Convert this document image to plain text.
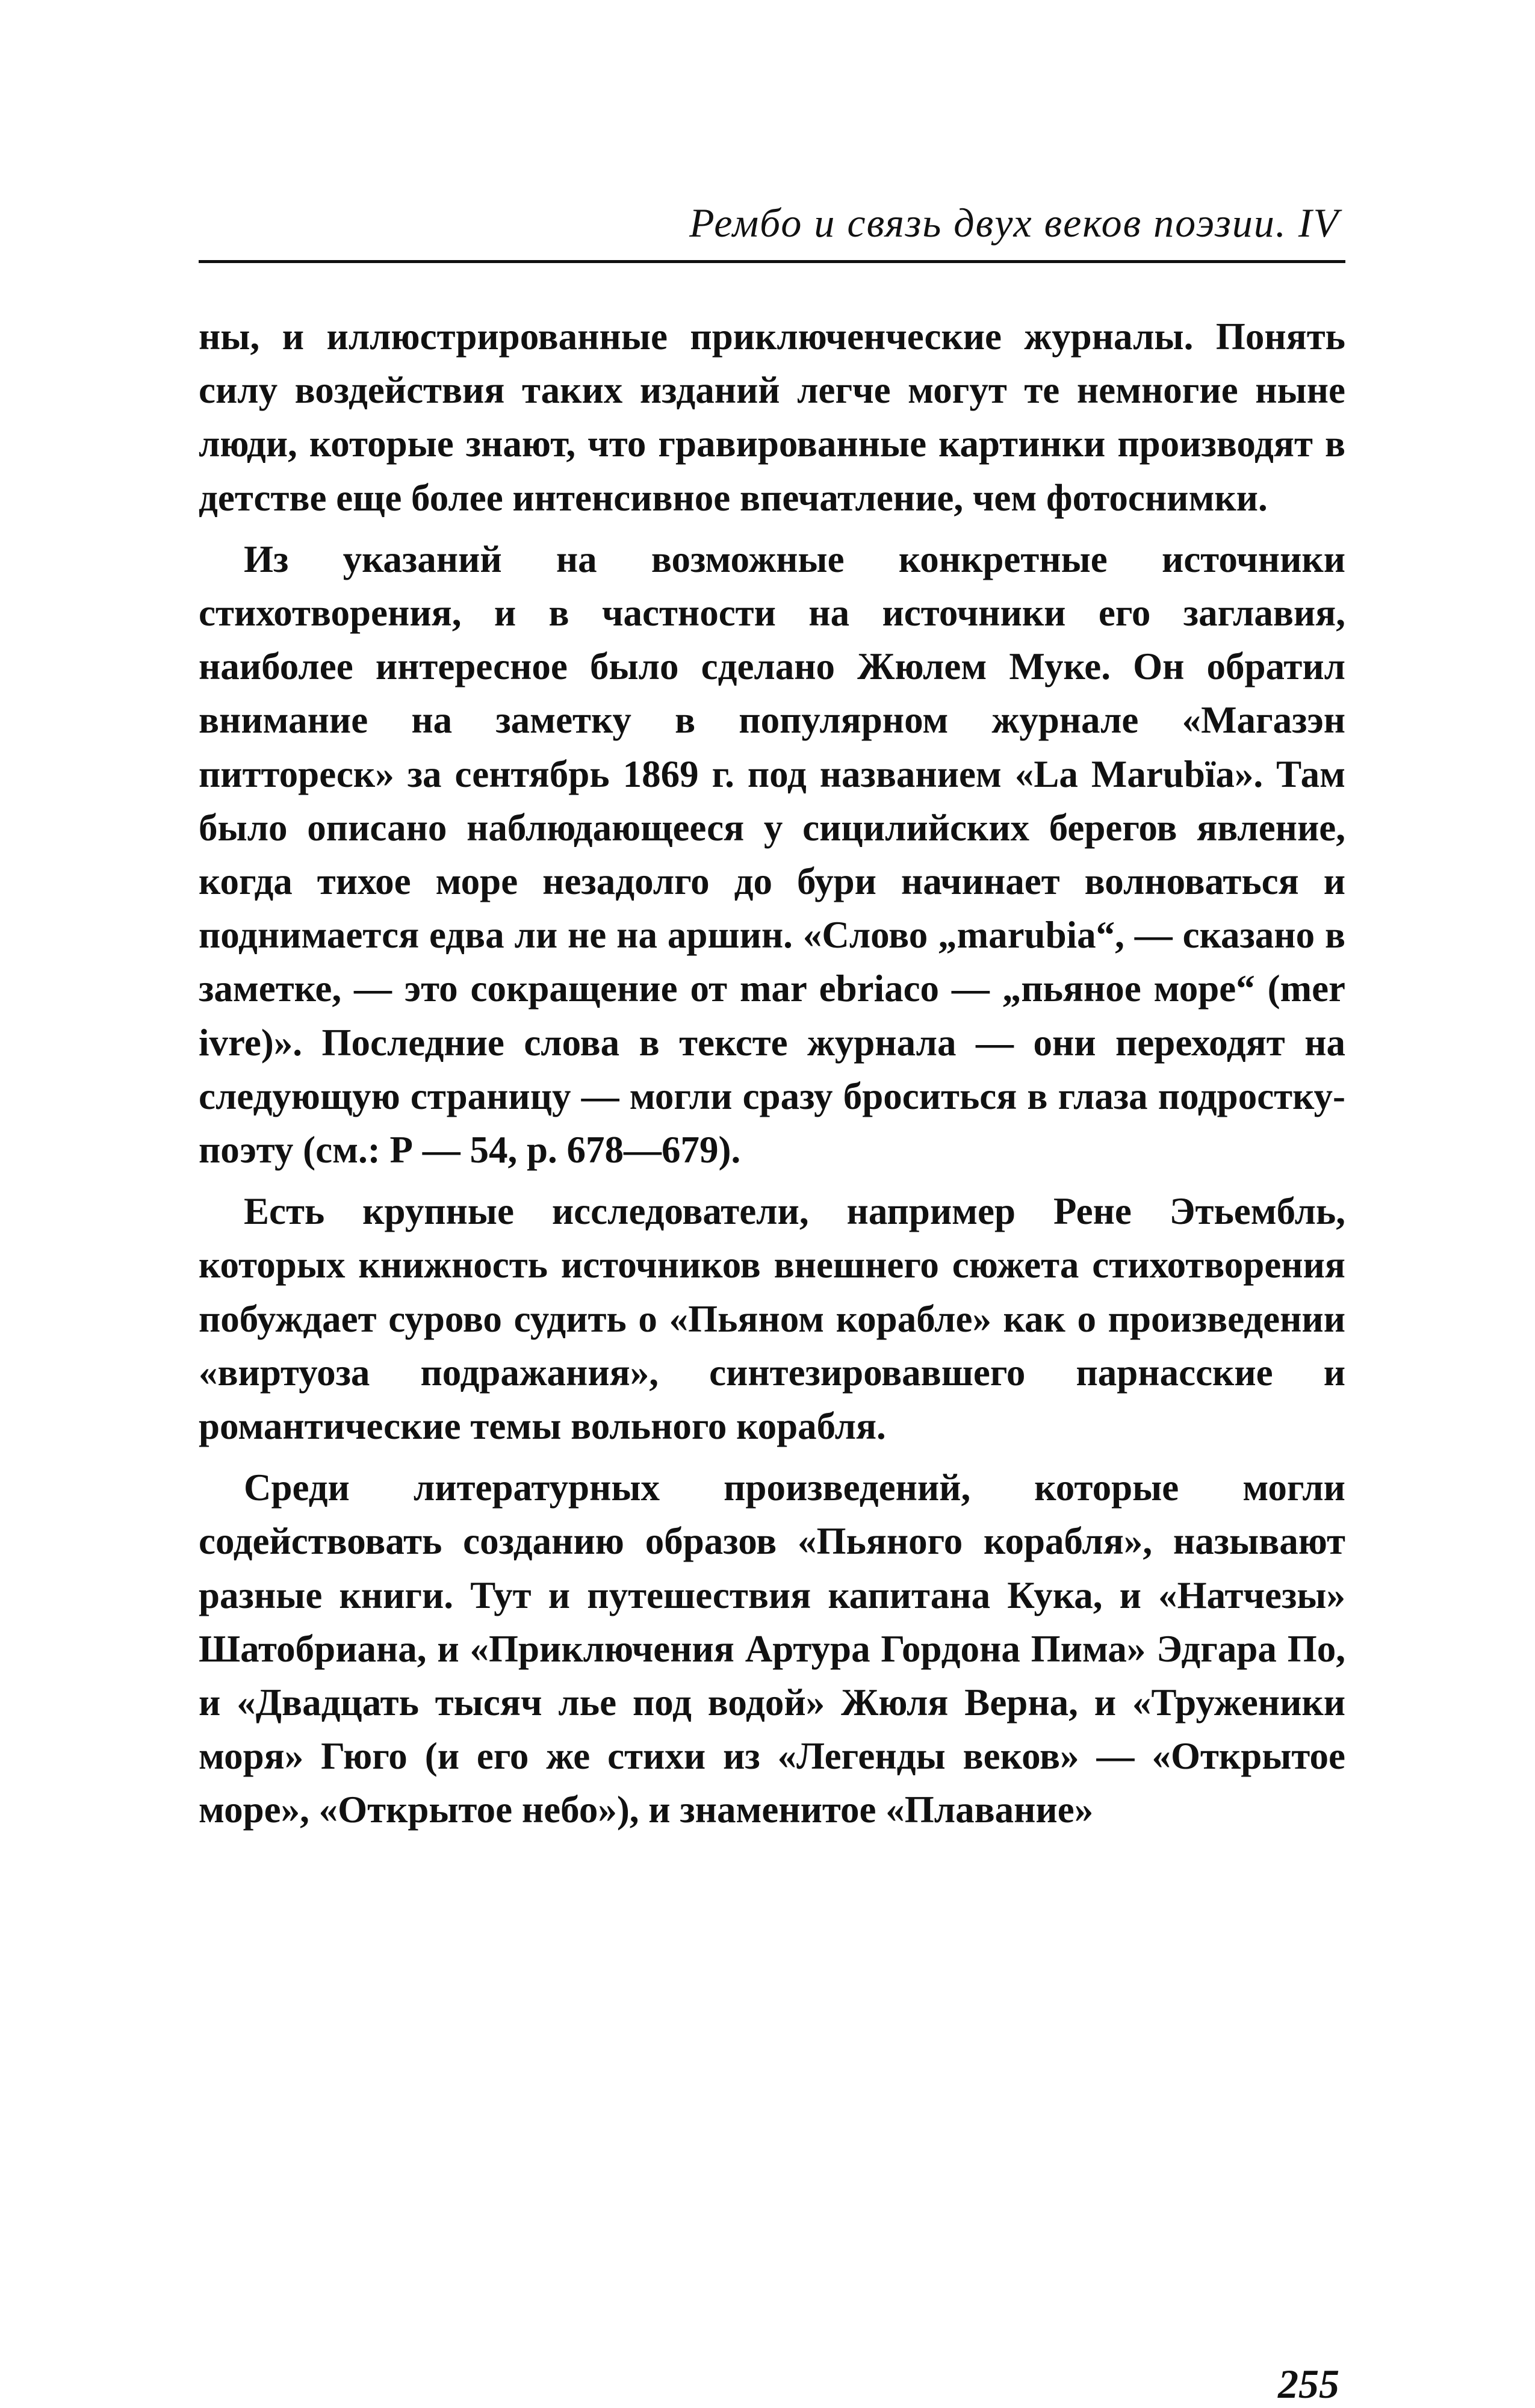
Рембо и связь двух веков поэзии. IV

ны, и иллюстрированные приключенческие журналы. Понять силу воздействия таких изданий легче могут те немногие ныне люди, которые знают, что гравированные картинки производят в детстве еще более интенсивное впечатление, чем фотоснимки.

Из указаний на возможные конкретные источники стихотворения, и в частности на источники его заглавия, наиболее интересное было сделано Жюлем Муке. Он обратил внимание на заметку в популярном журнале «Магазэн питтореск» за сентябрь 1869 г. под названием «La Marubïa». Там было описано наблюдающееся у сицилийских берегов явление, когда тихое море незадолго до бури начинает волноваться и поднимается едва ли не на аршин. «Слово „marubia“, — сказано в заметке, — это сокращение от mar ebriaco — „пьяное море“ (mer ivre)». Последние слова в тексте журнала — они переходят на следующую страницу — могли сразу броситься в глаза подростку-поэту (см.: Р — 54, р. 678—679).

Есть крупные исследователи, например Рене Этьембль, которых книжность источников внешнего сюжета стихотворения побуждает сурово судить о «Пьяном корабле» как о произведении «виртуоза подражания», синтезировавшего парнасские и романтические темы вольного корабля.

Среди литературных произведений, которые могли содействовать созданию образов «Пьяного корабля», называют разные книги. Тут и путешествия капитана Кука, и «Натчезы» Шатобриана, и «Приключения Артура Гордона Пима» Эдгара По, и «Двадцать тысяч лье под водой» Жюля Верна, и «Труженики моря» Гюго (и его же стихи из «Легенды веков» — «Открытое море», «Открытое небо»), и знаменитое «Плавание»

255
